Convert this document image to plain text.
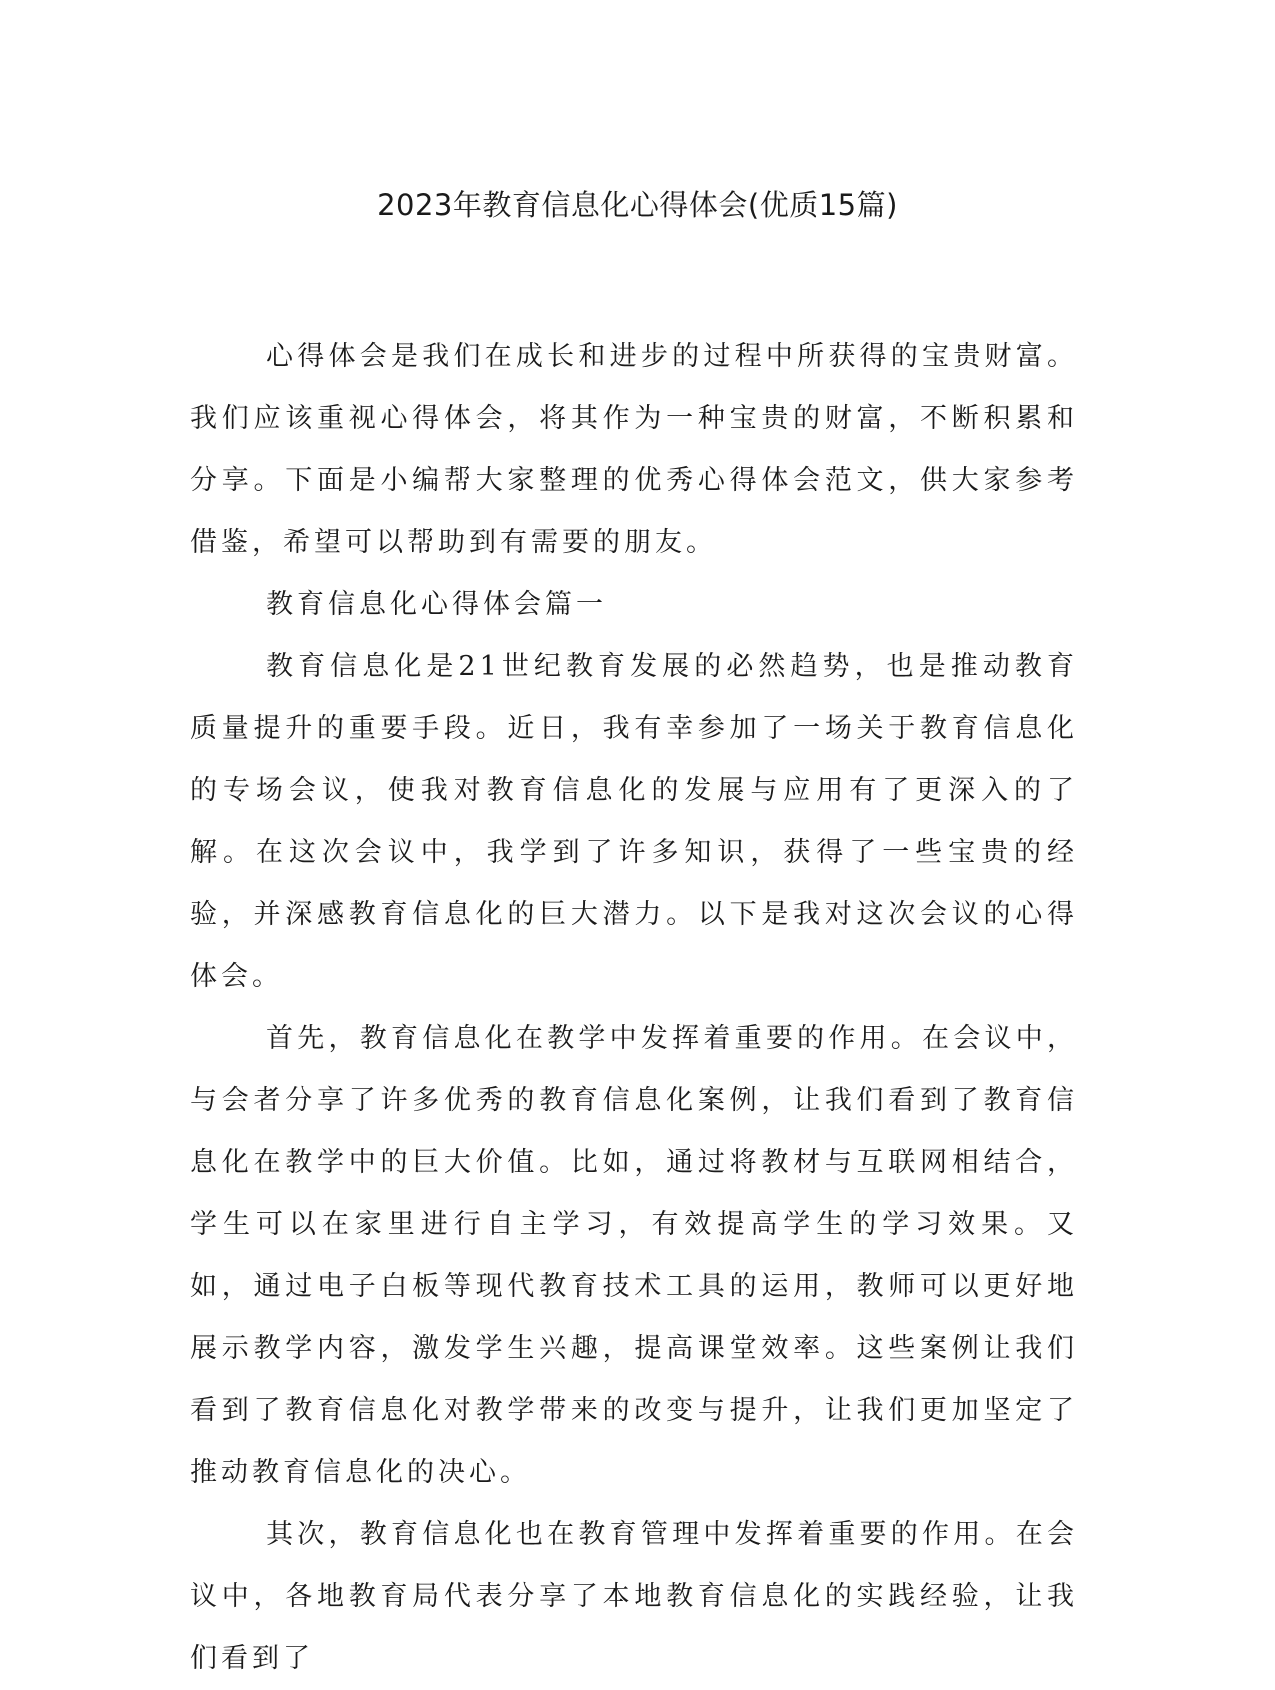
2023年教育信息化心得体会(优质15篇)

心得体会是我们在成长和进步的过程中所获得的宝贵财富。我们应该重视心得体会，将其作为一种宝贵的财富，不断积累和分享。下面是小编帮大家整理的优秀心得体会范文，供大家参考借鉴，希望可以帮助到有需要的朋友。

教育信息化心得体会篇一

教育信息化是21世纪教育发展的必然趋势，也是推动教育质量提升的重要手段。近日，我有幸参加了一场关于教育信息化的专场会议，使我对教育信息化的发展与应用有了更深入的了解。在这次会议中，我学到了许多知识，获得了一些宝贵的经验，并深感教育信息化的巨大潜力。以下是我对这次会议的心得体会。

首先，教育信息化在教学中发挥着重要的作用。在会议中，与会者分享了许多优秀的教育信息化案例，让我们看到了教育信息化在教学中的巨大价值。比如，通过将教材与互联网相结合，学生可以在家里进行自主学习，有效提高学生的学习效果。又如，通过电子白板等现代教育技术工具的运用，教师可以更好地展示教学内容，激发学生兴趣，提高课堂效率。这些案例让我们看到了教育信息化对教学带来的改变与提升，让我们更加坚定了推动教育信息化的决心。

其次，教育信息化也在教育管理中发挥着重要的作用。在会议中，各地教育局代表分享了本地教育信息化的实践经验，让我们看到了
